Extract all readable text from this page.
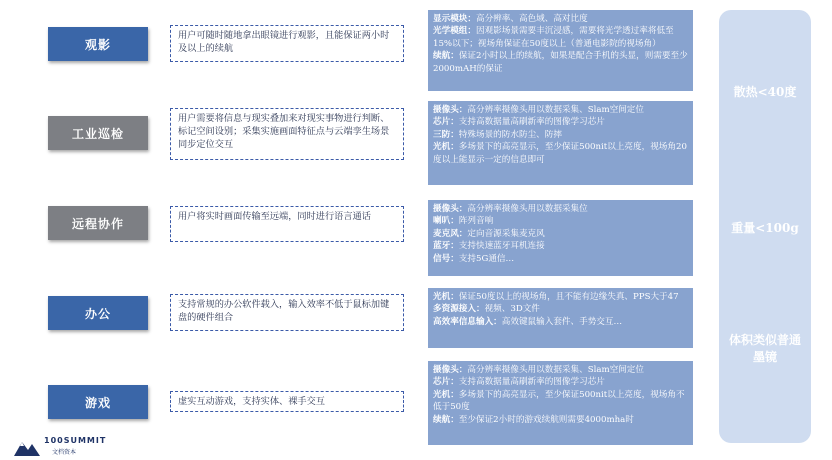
观影
工业巡检
远程协作
办公
游戏
用户可随时随地拿出眼镜进行观影，且能保证两小时及以上的续航
用户需要将信息与现实叠加来对现实事物进行判断、标记空间设别；采集实施画面特征点与云端孪生场景同步定位交互
用户将实时画面传输至远端，同时进行语言通话
支持常规的办公软件载入，输入效率不低于鼠标加键盘的硬件组合
虚实互动游戏，支持实体、裸手交互

显示模块：高分辨率、高色域、高对比度

光学模组：因观影场景需要丰沉浸感，需要将光学透过率将低至15%以下；视场角保证在50度以上（普通电影院的视场角）

续航：保证2小时以上的续航，如果是配合手机的头显，则需要至少2000mAH的保证

摄像头：高分辨率摄像头用以数据采集、Slam空间定位

芯片：支持高数据量高刷新率的图像学习芯片

三防：特殊场景的防水防尘、防摔

光机：多场景下的高亮显示，至少保证500nit以上亮度，视场角20度以上能显示一定的信息即可

摄像头：高分辨率摄像头用以数据采集位

喇叭：阵列音响

麦克风：定向音源采集麦克风

蓝牙：支持快速蓝牙耳机连接

信号：支持5G通信…

光机：保证50度以上的视场角，且不能有边缘失真、PPS大于47

多资源接入：视频、3D文件

高效率信息输入：高效键鼠输入套件、手势交互…

摄像头：高分辨率摄像头用以数据采集、Slam空间定位

芯片：支持高数据量高刷新率的图像学习芯片

光机：多场景下的高亮显示，至少保证500nit以上亮度，视场角不低于50度

续航：至少保证2小时的游戏续航则需要4000mha时

散热<40度
重量<100g
体积类似普通墨镜
100SUMMIT
文档资本
